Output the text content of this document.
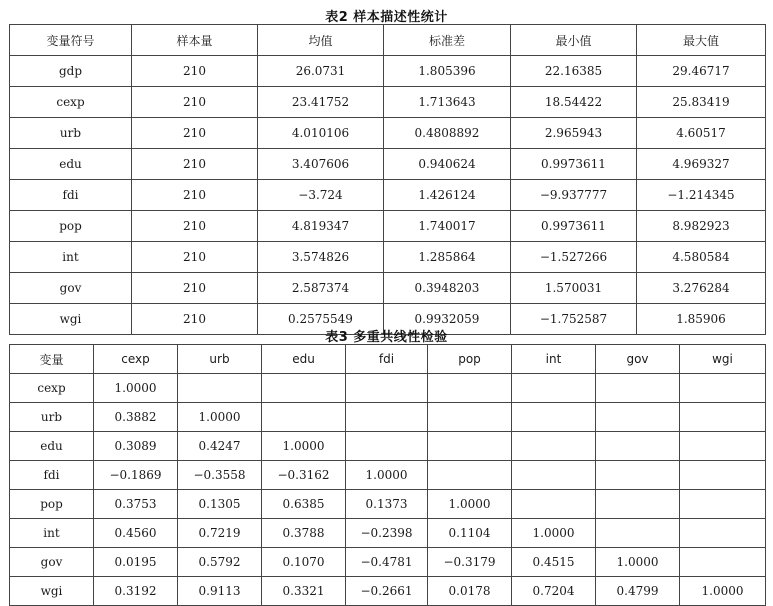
表2 样本描述性统计
变量符号	样本量	均值	标准差	最小值	最大值
gdp	210	26.0731	1.805396	22.16385	29.46717
cexp	210	23.41752	1.713643	18.54422	25.83419
urb	210	4.010106	0.4808892	2.965943	4.60517
edu	210	3.407606	0.940624	0.9973611	4.969327
fdi	210	−3.724	1.426124	−9.937777	−1.214345
pop	210	4.819347	1.740017	0.9973611	8.982923
int	210	3.574826	1.285864	−1.527266	4.580584
gov	210	2.587374	0.3948203	1.570031	3.276284
wgi	210	0.2575549	0.9932059	−1.752587	1.85906
表3 多重共线性检验
变量	cexp	urb	edu	fdi	pop	int	gov	wgi
cexp	1.0000							
urb	0.3882	1.0000						
edu	0.3089	0.4247	1.0000					
fdi	−0.1869	−0.3558	−0.3162	1.0000				
pop	0.3753	0.1305	0.6385	0.1373	1.0000			
int	0.4560	0.7219	0.3788	−0.2398	0.1104	1.0000		
gov	0.0195	0.5792	0.1070	−0.4781	−0.3179	0.4515	1.0000	
wgi	0.3192	0.9113	0.3321	−0.2661	0.0178	0.7204	0.4799	1.0000
